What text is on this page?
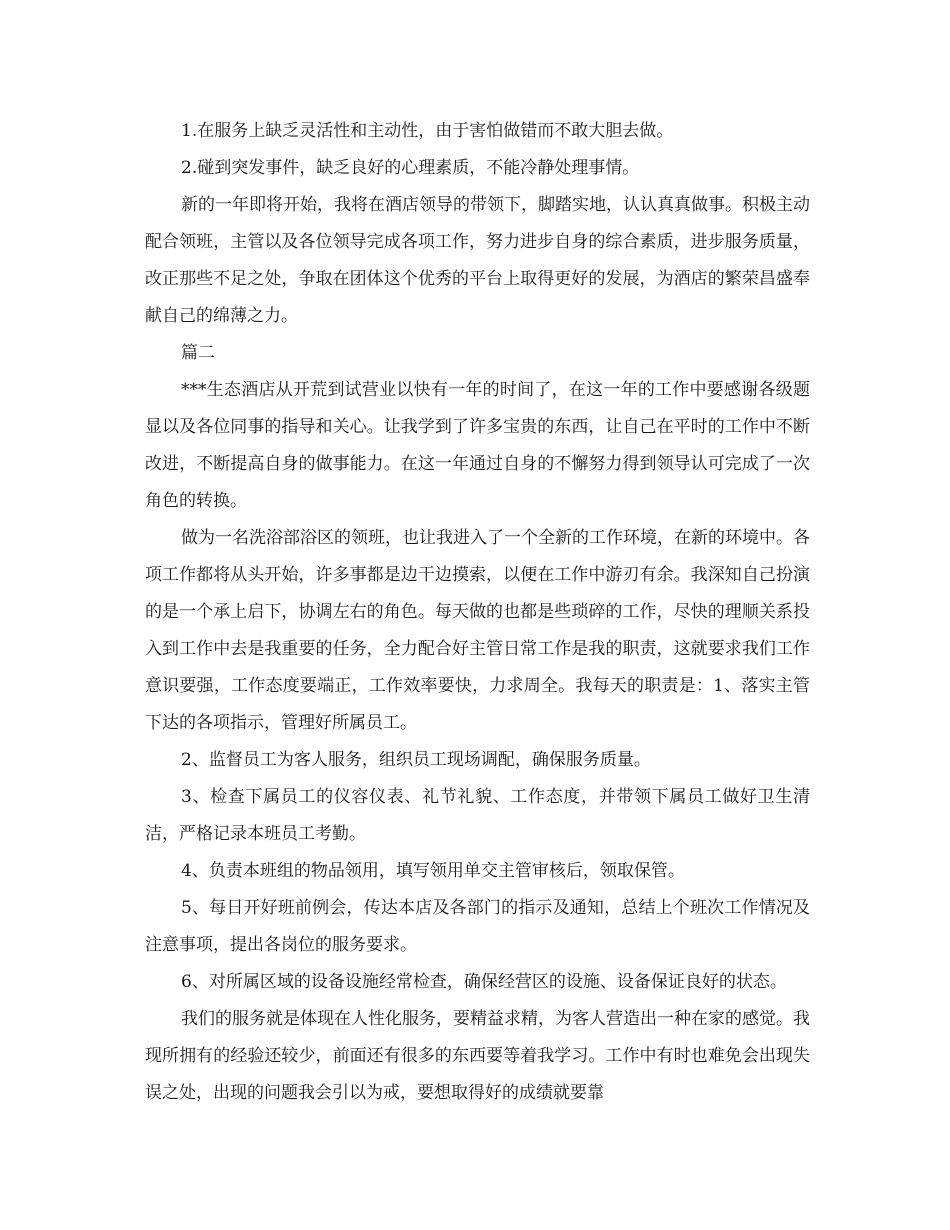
1.在服务上缺乏灵活性和主动性，由于害怕做错而不敢大胆去做。

2.碰到突发事件，缺乏良好的心理素质，不能冷静处理事情。

新的一年即将开始，我将在酒店领导的带领下，脚踏实地，认认真真做事。积极主动配合领班，主管以及各位领导完成各项工作，努力进步自身的综合素质，进步服务质量，改正那些不足之处，争取在团体这个优秀的平台上取得更好的发展，为酒店的繁荣昌盛奉献自己的绵薄之力。

篇二

***生态酒店从开荒到试营业以快有一年的时间了，在这一年的工作中要感谢各级题显以及各位同事的指导和关心。让我学到了许多宝贵的东西，让自己在平时的工作中不断改进，不断提高自身的做事能力。在这一年通过自身的不懈努力得到领导认可完成了一次角色的转换。

做为一名洗浴部浴区的领班，也让我进入了一个全新的工作环境，在新的环境中。各项工作都将从头开始，许多事都是边干边摸索，以便在工作中游刃有余。我深知自己扮演的是一个承上启下，协调左右的角色。每天做的也都是些琐碎的工作，尽快的理顺关系投入到工作中去是我重要的任务，全力配合好主管日常工作是我的职责，这就要求我们工作意识要强，工作态度要端正，工作效率要快，力求周全。我每天的职责是：1、落实主管下达的各项指示，管理好所属员工。

2、监督员工为客人服务，组织员工现场调配，确保服务质量。

3、检查下属员工的仪容仪表、礼节礼貌、工作态度，并带领下属员工做好卫生清洁，严格记录本班员工考勤。

4、负责本班组的物品领用，填写领用单交主管审核后，领取保管。

5、每日开好班前例会，传达本店及各部门的指示及通知，总结上个班次工作情况及注意事项，提出各岗位的服务要求。

6、对所属区域的设备设施经常检查，确保经营区的设施、设备保证良好的状态。

我们的服务就是体现在人性化服务，要精益求精，为客人营造出一种在家的感觉。我现所拥有的经验还较少，前面还有很多的东西要等着我学习。工作中有时也难免会出现失误之处，出现的问题我会引以为戒，要想取得好的成绩就要靠
